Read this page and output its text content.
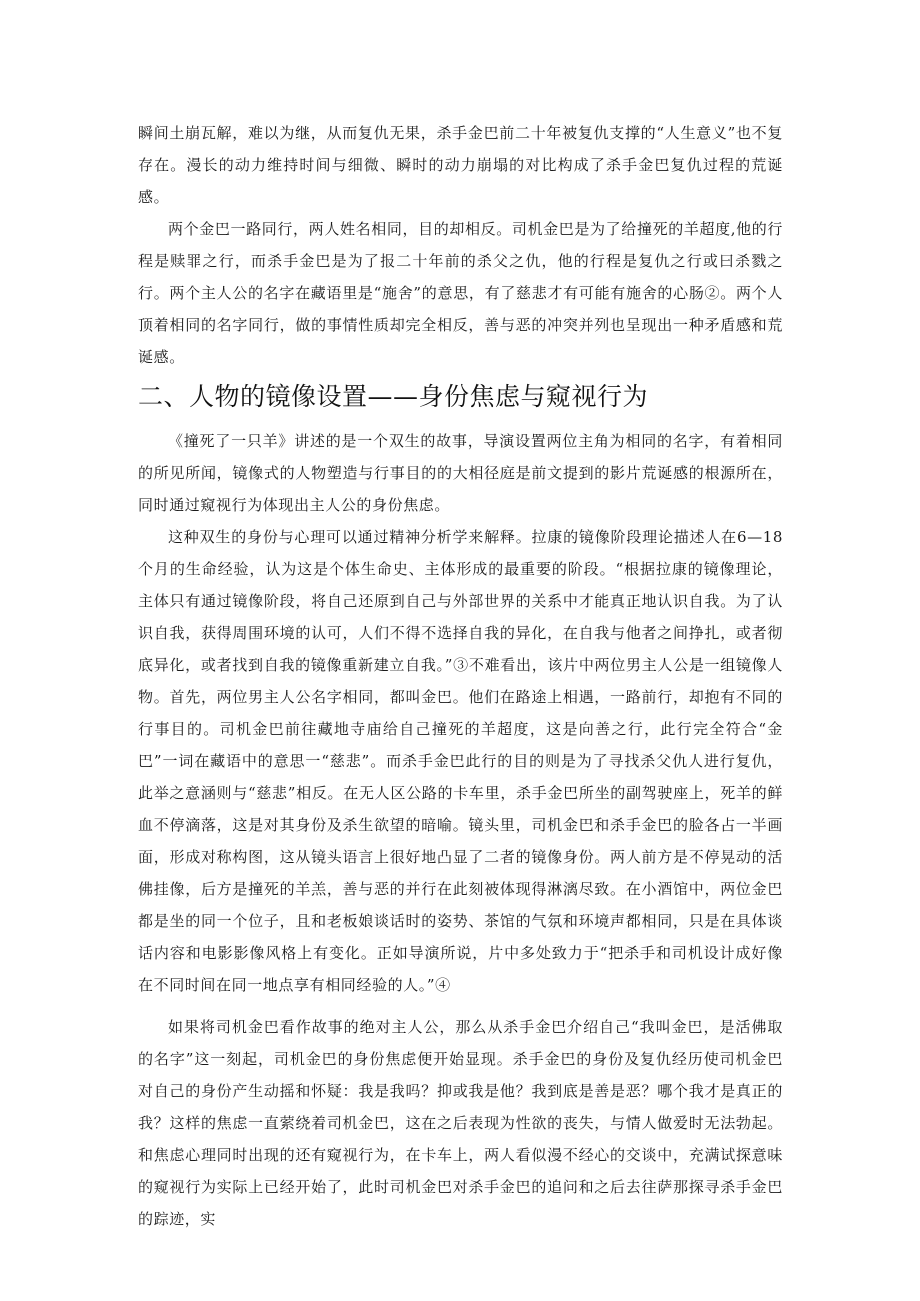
瞬间土崩瓦解，难以为继，从而复仇无果，杀手金巴前二十年被复仇支撑的“人生意义”也不复存在。漫长的动力维持时间与细微、瞬时的动力崩塌的对比构成了杀手金巴复仇过程的荒诞感。

两个金巴一路同行，两人姓名相同，目的却相反。司机金巴是为了给撞死的羊超度,他的行程是赎罪之行，而杀手金巴是为了报二十年前的杀父之仇，他的行程是复仇之行或曰杀戮之行。两个主人公的名字在藏语里是“施舍”的意思，有了慈悲才有可能有施舍的心肠②。两个人顶着相同的名字同行，做的事情性质却完全相反，善与恶的冲突并列也呈现出一种矛盾感和荒诞感。

二、人物的镜像设置——身份焦虑与窥视行为

《撞死了一只羊》讲述的是一个双生的故事，导演设置两位主角为相同的名字，有着相同的所见所闻，镜像式的人物塑造与行事目的的大相径庭是前文提到的影片荒诞感的根源所在，同时通过窥视行为体现出主人公的身份焦虑。

这种双生的身份与心理可以通过精神分析学来解释。拉康的镜像阶段理论描述人在6—18个月的生命经验，认为这是个体生命史、主体形成的最重要的阶段。“根据拉康的镜像理论，主体只有通过镜像阶段，将自己还原到自己与外部世界的关系中才能真正地认识自我。为了认识自我，获得周围环境的认可，人们不得不选择自我的异化，在自我与他者之间挣扎，或者彻底异化，或者找到自我的镜像重新建立自我。”③不难看出，该片中两位男主人公是一组镜像人物。首先，两位男主人公名字相同，都叫金巴。他们在路途上相遇，一路前行，却抱有不同的行事目的。司机金巴前往藏地寺庙给自己撞死的羊超度，这是向善之行，此行完全符合“金巴”一词在藏语中的意思一“慈悲”。而杀手金巴此行的目的则是为了寻找杀父仇人进行复仇，此举之意涵则与“慈悲”相反。在无人区公路的卡车里，杀手金巴所坐的副驾驶座上，死羊的鲜血不停滴落，这是对其身份及杀生欲望的暗喻。镜头里，司机金巴和杀手金巴的脸各占一半画面，形成对称构图，这从镜头语言上很好地凸显了二者的镜像身份。两人前方是不停晃动的活佛挂像，后方是撞死的羊羔，善与恶的并行在此刻被体现得淋漓尽致。在小酒馆中，两位金巴都是坐的同一个位子，且和老板娘谈话时的姿势、茶馆的气氛和环境声都相同，只是在具体谈话内容和电影影像风格上有变化。正如导演所说，片中多处致力于“把杀手和司机设计成好像在不同时间在同一地点享有相同经验的人。”④

如果将司机金巴看作故事的绝对主人公，那么从杀手金巴介绍自己“我叫金巴，是活佛取的名字”这一刻起，司机金巴的身份焦虑便开始显现。杀手金巴的身份及复仇经历使司机金巴对自己的身份产生动摇和怀疑：我是我吗？抑或我是他？我到底是善是恶？哪个我才是真正的我？这样的焦虑一直萦绕着司机金巴，这在之后表现为性欲的丧失，与情人做爱时无法勃起。和焦虑心理同时出现的还有窥视行为，在卡车上，两人看似漫不经心的交谈中，充满试探意味的窥视行为实际上已经开始了，此时司机金巴对杀手金巴的追问和之后去往萨那探寻杀手金巴的踪迹，实
